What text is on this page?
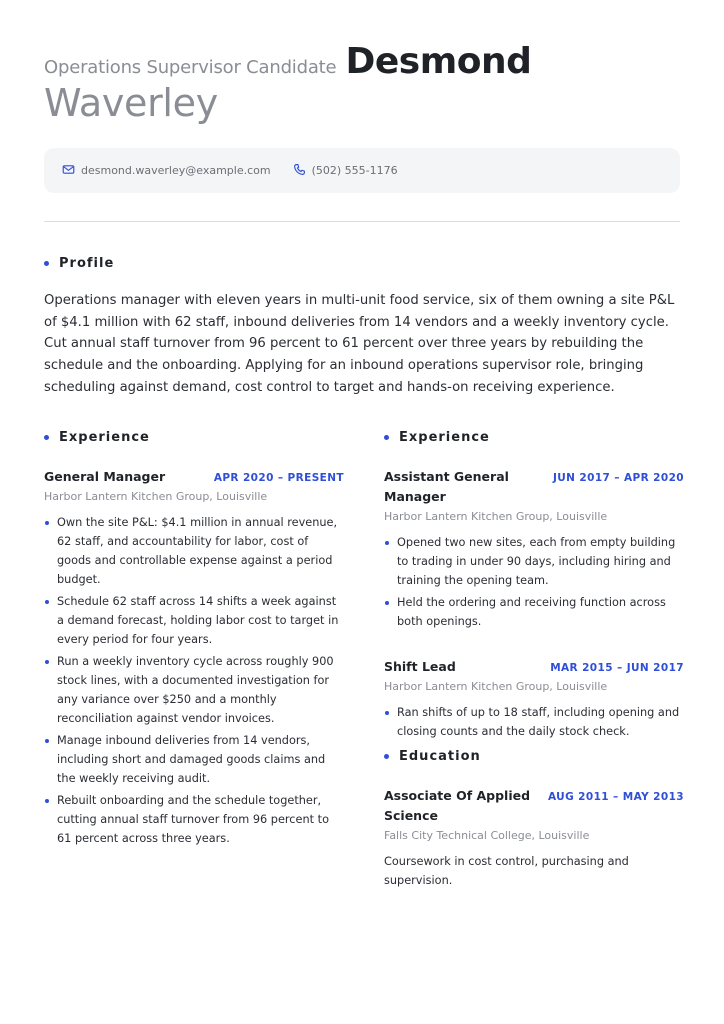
Operations Supervisor Candidate Desmond
Waverley
desmond.waverley@example.com	(502) 555-1176
Profile

Operations manager with eleven years in multi-unit food service, six of them owning a site P&L of $4.1 million with 62 staff, inbound deliveries from 14 vendors and a weekly inventory cycle. Cut annual staff turnover from 96 percent to 61 percent over three years by rebuilding the schedule and the onboarding. Applying for an inbound operations supervisor role, bringing scheduling against demand, cost control to target and hands-on receiving experience.

Experience
General Manager	APR 2020 – PRESENT
Harbor Lantern Kitchen Group, Louisville
Own the site P&L: $4.1 million in annual revenue, 62 staff, and accountability for labor, cost of goods and controllable expense against a period budget.
Schedule 62 staff across 14 shifts a week against a demand forecast, holding labor cost to target in every period for four years.
Run a weekly inventory cycle across roughly 900 stock lines, with a documented investigation for any variance over $250 and a monthly reconciliation against vendor invoices.
Manage inbound deliveries from 14 vendors, including short and damaged goods claims and the weekly receiving audit.
Rebuilt onboarding and the schedule together, cutting annual staff turnover from 96 percent to 61 percent across three years.
Experience
Assistant General Manager
JUN 2017 – APR 2020
Harbor Lantern Kitchen Group, Louisville
Opened two new sites, each from empty building to trading in under 90 days, including hiring and training the opening team.
Held the ordering and receiving function across both openings.
Shift Lead	MAR 2015 – JUN 2017
Harbor Lantern Kitchen Group, Louisville
Ran shifts of up to 18 staff, including opening and closing counts and the daily stock check.
Education
Associate Of Applied Science
AUG 2011 – MAY 2013
Falls City Technical College, Louisville
Coursework in cost control, purchasing and supervision.
